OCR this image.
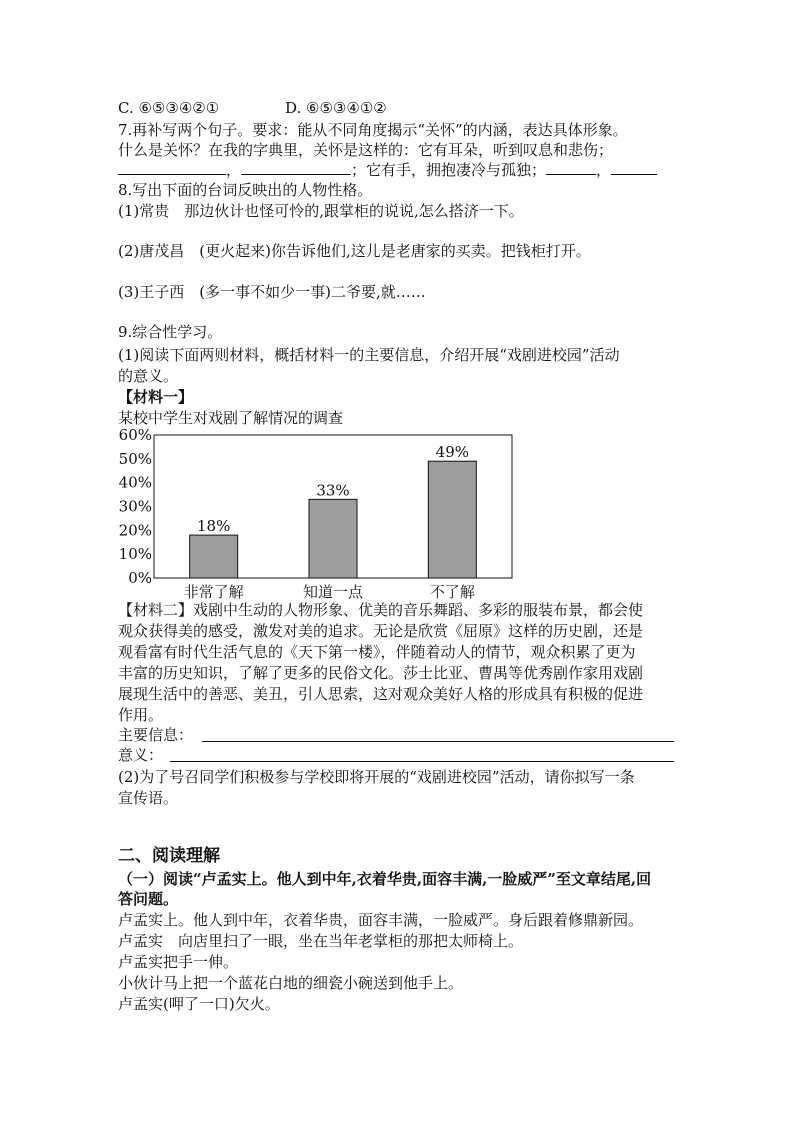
C. ⑥⑤③④②①	D. ⑥⑤③④①②
7.再补写两个句子。要求：能从不同角度揭示“关怀”的内涵，表达具体形象。
什么是关怀？在我的字典里，关怀是这样的：它有耳朵，听到叹息和悲伤；
，	；它有手，拥抱凄冷与孤独；	，
8.写出下面的台词反映出的人物性格。
(1)常贵　那边伙计也怪可怜的,跟掌柜的说说,怎么搭济一下。
(2)唐茂昌　(更火起来)你告诉他们,这儿是老唐家的买卖。把钱柜打开。
(3)王子西　(多一事不如少一事)二爷要,就……
9.综合性学习。
(1)阅读下面两则材料，概括材料一的主要信息，介绍开展“戏剧进校园”活动
的意义。
【材料一】
某校中学生对戏剧了解情况的调查
0%
10%
20%
30%
40%
50%
60%
18%
非常了解
33%
知道一点
49%
不了解
【材料二】戏剧中生动的人物形象、优美的音乐舞蹈、多彩的服装布景，都会使
观众获得美的感受，激发对美的追求。无论是欣赏《屈原》这样的历史剧，还是
观看富有时代生活气息的《天下第一楼》，伴随着动人的情节，观众积累了更为
丰富的历史知识，了解了更多的民俗文化。莎士比亚、曹禺等优秀剧作家用戏剧
展现生活中的善恶、美丑，引人思索，这对观众美好人格的形成具有积极的促进
作用。
主要信息：
意义：
(2)为了号召同学们积极参与学校即将开展的“戏剧进校园”活动，请你拟写一条
宣传语。
二、阅读理解
（一）阅读“卢孟实上。他人到中年,衣着华贵,面容丰满,一脸威严”至文章结尾,回
答问题。
卢孟实上。他人到中年，衣着华贵，面容丰满，一脸威严。身后跟着修鼎新园。
卢孟实　向店里扫了一眼，坐在当年老掌柜的那把太师椅上。
卢孟实把手一伸。
小伙计马上把一个蓝花白地的细瓷小碗送到他手上。
卢孟实(呷了一口)欠火。
